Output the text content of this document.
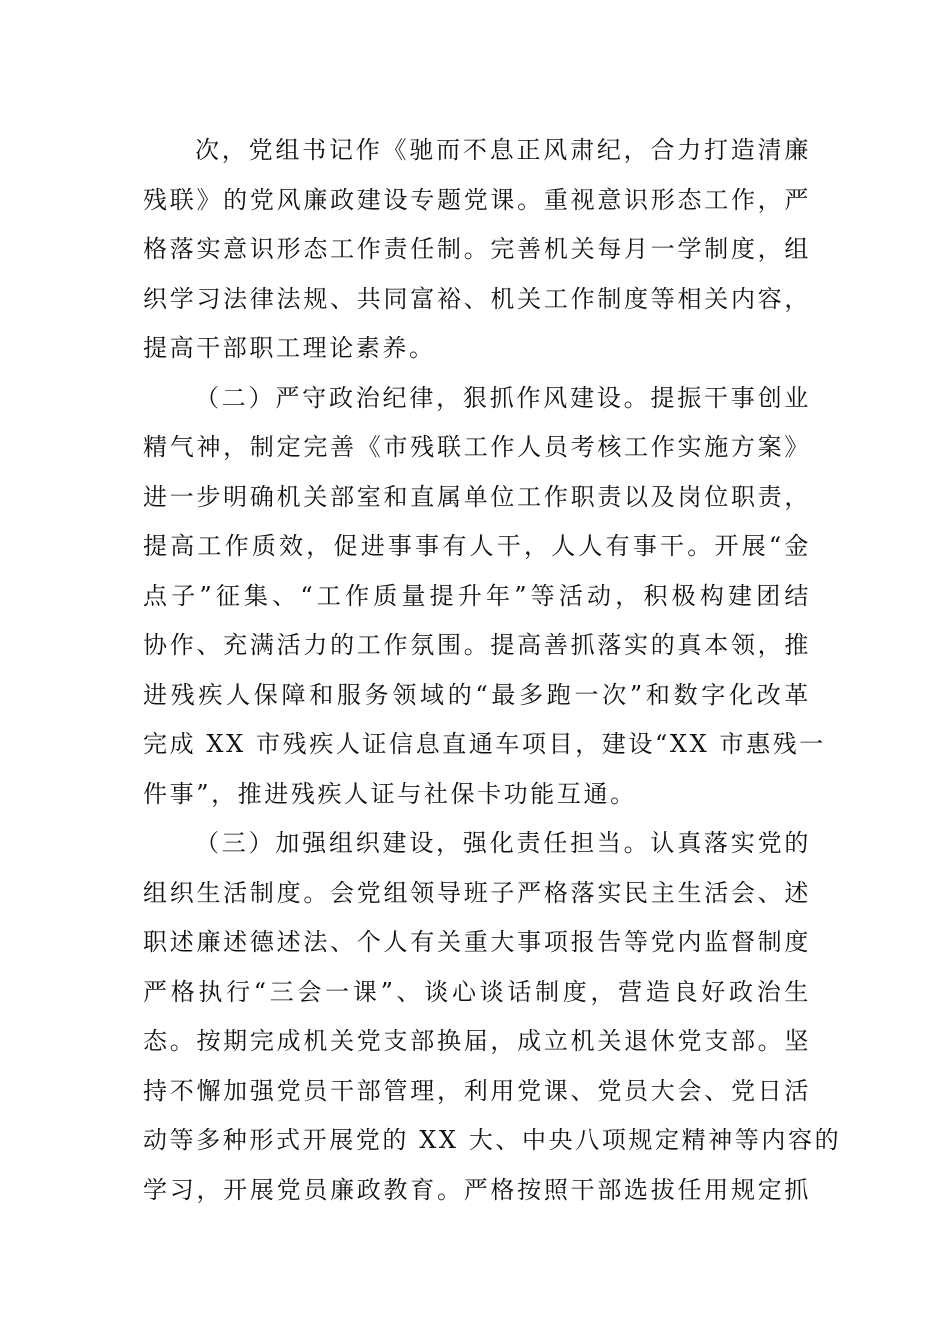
次，党组书记作《驰而不息正风肃纪，合力打造清廉
残联》的党风廉政建设专题党课。重视意识形态工作，严
格落实意识形态工作责任制。完善机关每月一学制度，组
织学习法律法规、共同富裕、机关工作制度等相关内容，
提高干部职工理论素养。
（二）严守政治纪律，狠抓作风建设。提振干事创业
精气神，制定完善《市残联工作人员考核工作实施方案》
进一步明确机关部室和直属单位工作职责以及岗位职责，
提高工作质效，促进事事有人干，人人有事干。开展“金
点子”征集、“工作质量提升年”等活动，积极构建团结
协作、充满活力的工作氛围。提高善抓落实的真本领，推
进残疾人保障和服务领域的“最多跑一次”和数字化改革
完成 XX 市残疾人证信息直通车项目，建设“XX 市惠残一
件事”，推进残疾人证与社保卡功能互通。
（三）加强组织建设，强化责任担当。认真落实党的
组织生活制度。会党组领导班子严格落实民主生活会、述
职述廉述德述法、个人有关重大事项报告等党内监督制度
严格执行“三会一课”、谈心谈话制度，营造良好政治生
态。按期完成机关党支部换届，成立机关退休党支部。坚
持不懈加强党员干部管理，利用党课、党员大会、党日活
动等多种形式开展党的 XX 大、中央八项规定精神等内容的
学习，开展党员廉政教育。严格按照干部选拔任用规定抓
